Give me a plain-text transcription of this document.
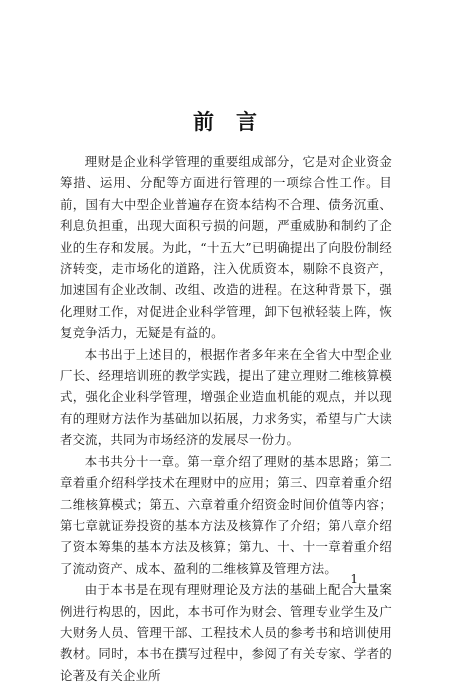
前言

理财是企业科学管理的重要组成部分，它是对企业资金筹措、运用、分配等方面进行管理的一项综合性工作。目前，国有大中型企业普遍存在资本结构不合理、债务沉重、利息负担重，出现大面积亏损的问题，严重威胁和制约了企业的生存和发展。为此，“十五大”已明确提出了向股份制经济转变，走市场化的道路，注入优质资本，剔除不良资产，加速国有企业改制、改组、改造的进程。在这种背景下，强化理财工作，对促进企业科学管理，卸下包袱轻装上阵，恢复竞争活力，无疑是有益的。

本书出于上述目的，根据作者多年来在全省大中型企业厂长、经理培训班的教学实践，提出了建立理财二维核算模式，强化企业科学管理，增强企业造血机能的观点，并以现有的理财方法作为基础加以拓展，力求务实，希望与广大读者交流，共同为市场经济的发展尽一份力。

本书共分十一章。第一章介绍了理财的基本思路；第二章着重介绍科学技术在理财中的应用；第三、四章着重介绍二维核算模式；第五、六章着重介绍资金时间价值等内容；第七章就证券投资的基本方法及核算作了介绍；第八章介绍了资本筹集的基本方法及核算；第九、十、十一章着重介绍了流动资产、成本、盈利的二维核算及管理方法。

由于本书是在现有理财理论及方法的基础上配合大量案例进行构思的，因此，本书可作为财会、管理专业学生及广大财务人员、管理干部、工程技术人员的参考书和培训使用教材。同时，本书在撰写过程中，参阅了有关专家、学者的论著及有关企业所

1
